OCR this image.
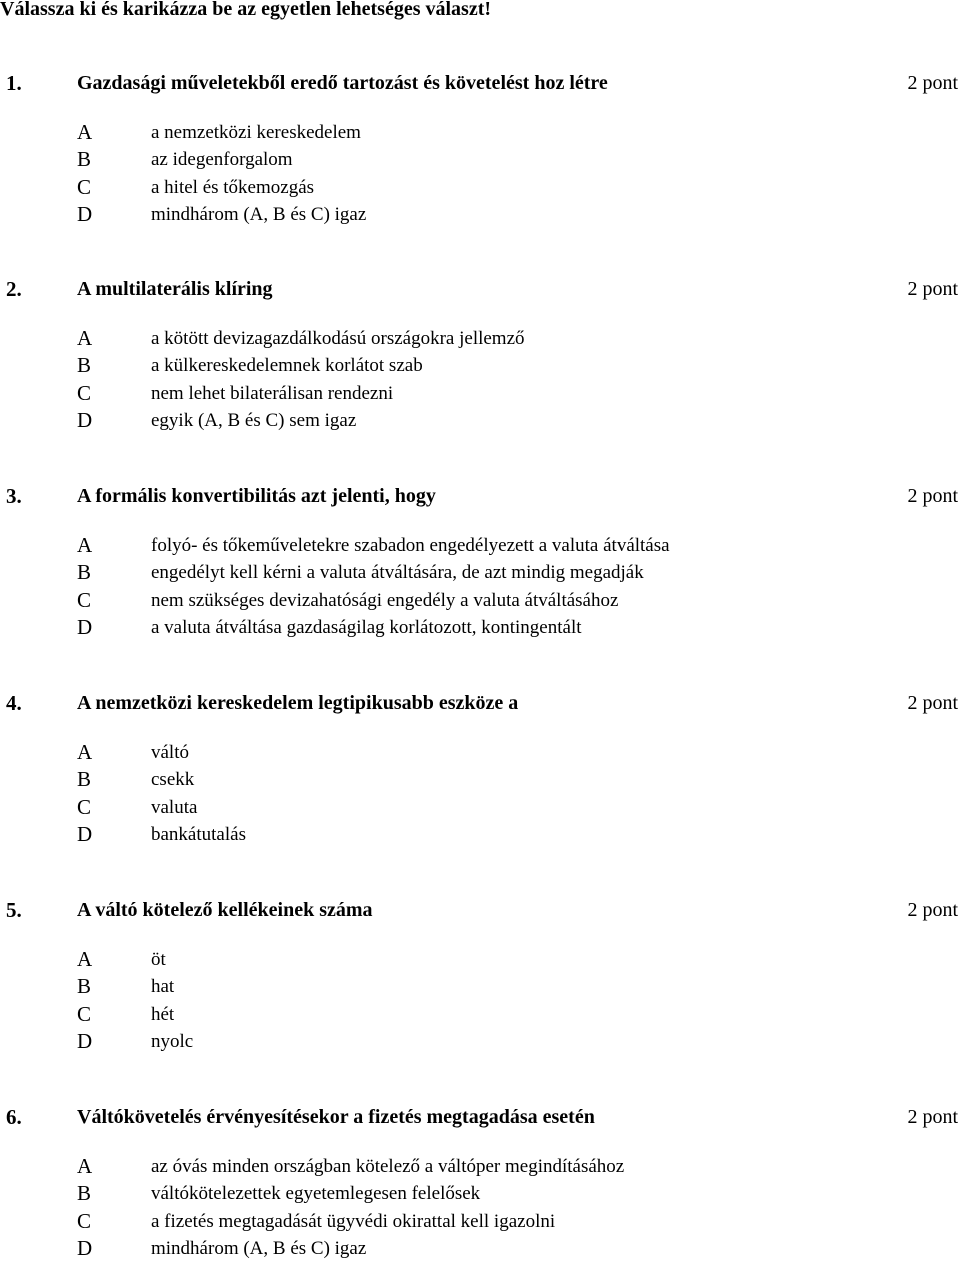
Válassza ki és karikázza be az egyetlen lehetséges választ!
1.	Gazdasági műveletekből eredő tartozást és követelést hoz létre	2 pont
A	a nemzetközi kereskedelem
B	az idegenforgalom
C	a hitel és tőkemozgás
D	mindhárom (A, B és C) igaz
2.	A multilaterális klíring	2 pont
A	a kötött devizagazdálkodású országokra jellemző
B	a külkereskedelemnek korlátot szab
C	nem lehet bilaterálisan rendezni
D	egyik (A, B és C) sem igaz
3.	A formális konvertibilitás azt jelenti, hogy	2 pont
A	folyó- és tőkeműveletekre szabadon engedélyezett a valuta átváltása
B	engedélyt kell kérni a valuta átváltására, de azt mindig megadják
C	nem szükséges devizahatósági engedély a valuta átváltásához
D	a valuta átváltása gazdaságilag korlátozott, kontingentált
4.	A nemzetközi kereskedelem legtipikusabb eszköze a	2 pont
A	váltó
B	csekk
C	valuta
D	bankátutalás
5.	A váltó kötelező kellékeinek száma	2 pont
A	öt
B	hat
C	hét
D	nyolc
6.	Váltókövetelés érvényesítésekor a fizetés megtagadása esetén	2 pont
A	az óvás minden országban kötelező a váltóper megindításához
B	váltókötelezettek egyetemlegesen felelősek
C	a fizetés megtagadását ügyvédi okirattal kell igazolni
D	mindhárom (A, B és C) igaz
